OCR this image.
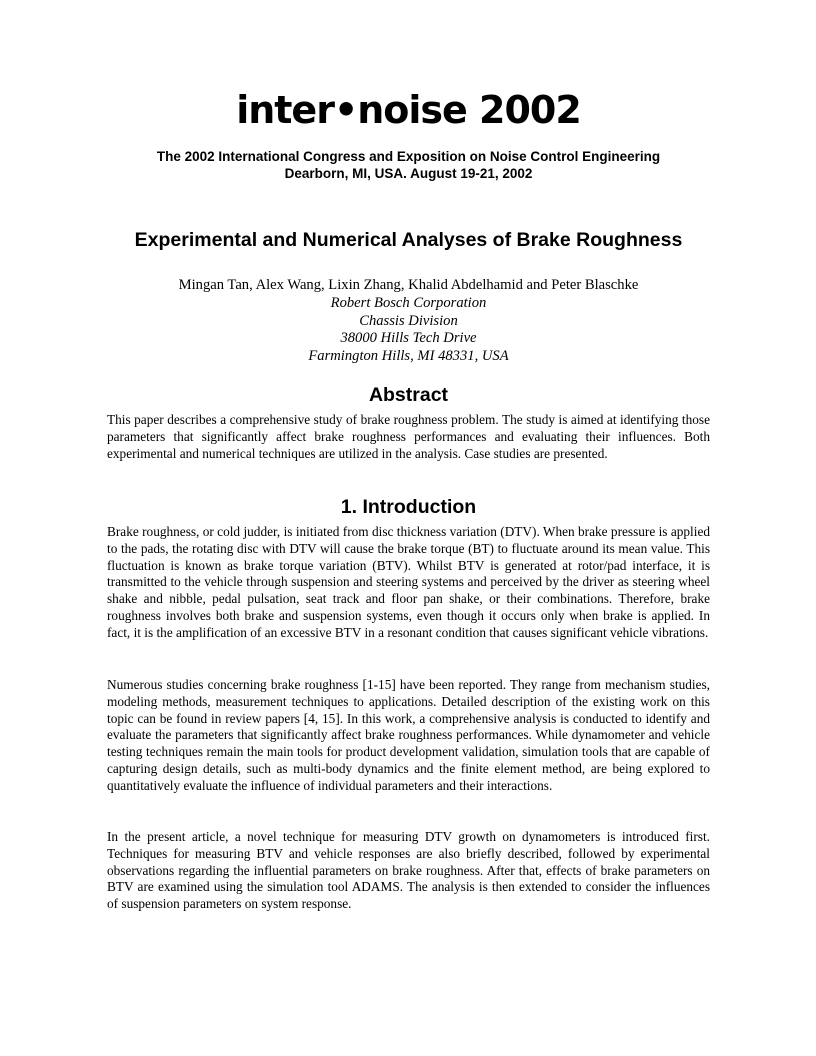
inter•noise 2002
The 2002 International Congress and Exposition on Noise Control Engineering
Dearborn, MI, USA. August 19-21, 2002
Experimental and Numerical Analyses of Brake Roughness
Mingan Tan, Alex Wang, Lixin Zhang, Khalid Abdelhamid and Peter Blaschke
Robert Bosch Corporation
Chassis Division
38000 Hills Tech Drive
Farmington Hills, MI 48331, USA
Abstract

This paper describes a comprehensive study of brake roughness problem. The study is aimed at identifying those parameters that significantly affect brake roughness performances and evaluating their influences. Both experimental and numerical techniques are utilized in the analysis. Case studies are presented.

1. Introduction

Brake roughness, or cold judder, is initiated from disc thickness variation (DTV). When brake pressure is applied to the pads, the rotating disc with DTV will cause the brake torque (BT) to fluctuate around its mean value. This fluctuation is known as brake torque variation (BTV). Whilst BTV is generated at rotor/pad interface, it is transmitted to the vehicle through suspension and steering systems and perceived by the driver as steering wheel shake and nibble, pedal pulsation, seat track and floor pan shake, or their combinations. Therefore, brake roughness involves both brake and suspension systems, even though it occurs only when brake is applied. In fact, it is the amplification of an excessive BTV in a resonant condition that causes significant vehicle vibrations.

Numerous studies concerning brake roughness [1-15] have been reported. They range from mechanism studies, modeling methods, measurement techniques to applications. Detailed description of the existing work on this topic can be found in review papers [4, 15]. In this work, a comprehensive analysis is conducted to identify and evaluate the parameters that significantly affect brake roughness performances. While dynamometer and vehicle testing techniques remain the main tools for product development validation, simulation tools that are capable of capturing design details, such as multi-body dynamics and the finite element method, are being explored to quantitatively evaluate the influence of individual parameters and their interactions.

In the present article, a novel technique for measuring DTV growth on dynamometers is introduced first. Techniques for measuring BTV and vehicle responses are also briefly described, followed by experimental observations regarding the influential parameters on brake roughness. After that, effects of brake parameters on BTV are examined using the simulation tool ADAMS. The analysis is then extended to consider the influences of suspension parameters on system response.
